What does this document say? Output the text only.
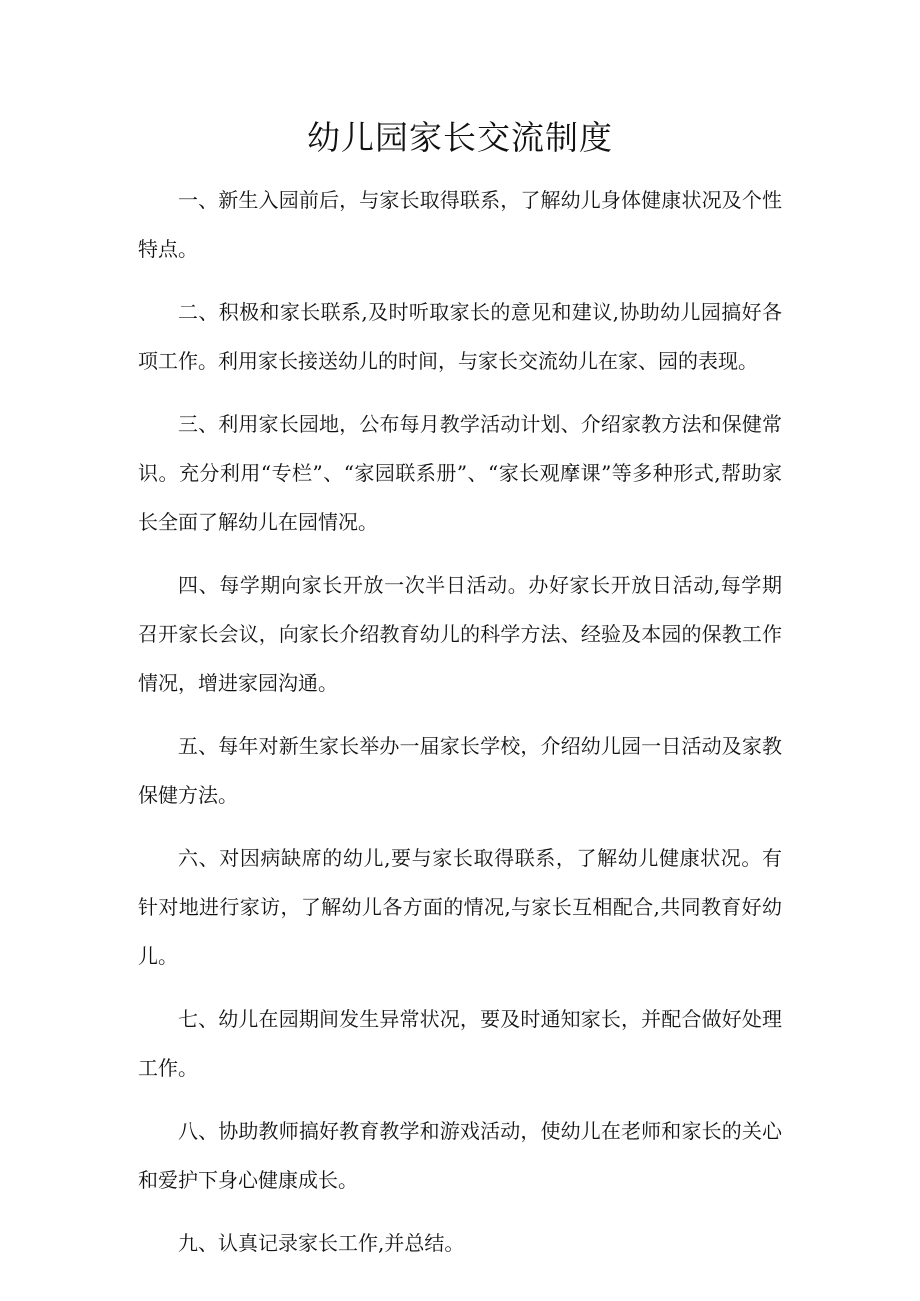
幼儿园家长交流制度

一、新生入园前后，与家长取得联系，了解幼儿身体健康状况及个性特点。

二、积极和家长联系,及时听取家长的意见和建议,协助幼儿园搞好各项工作。利用家长接送幼儿的时间，与家长交流幼儿在家、园的表现。

三、利用家长园地，公布每月教学活动计划、介绍家教方法和保健常识。充分利用“专栏”、“家园联系册”、“家长观摩课”等多种形式,帮助家长全面了解幼儿在园情况。

四、每学期向家长开放一次半日活动。办好家长开放日活动,每学期召开家长会议，向家长介绍教育幼儿的科学方法、经验及本园的保教工作情况，增进家园沟通。

五、每年对新生家长举办一届家长学校，介绍幼儿园一日活动及家教保健方法。

六、对因病缺席的幼儿,要与家长取得联系，了解幼儿健康状况。有针对地进行家访，了解幼儿各方面的情况,与家长互相配合,共同教育好幼儿。

七、幼儿在园期间发生异常状况，要及时通知家长，并配合做好处理工作。

八、协助教师搞好教育教学和游戏活动，使幼儿在老师和家长的关心和爱护下身心健康成长。

九、认真记录家长工作,并总结。
